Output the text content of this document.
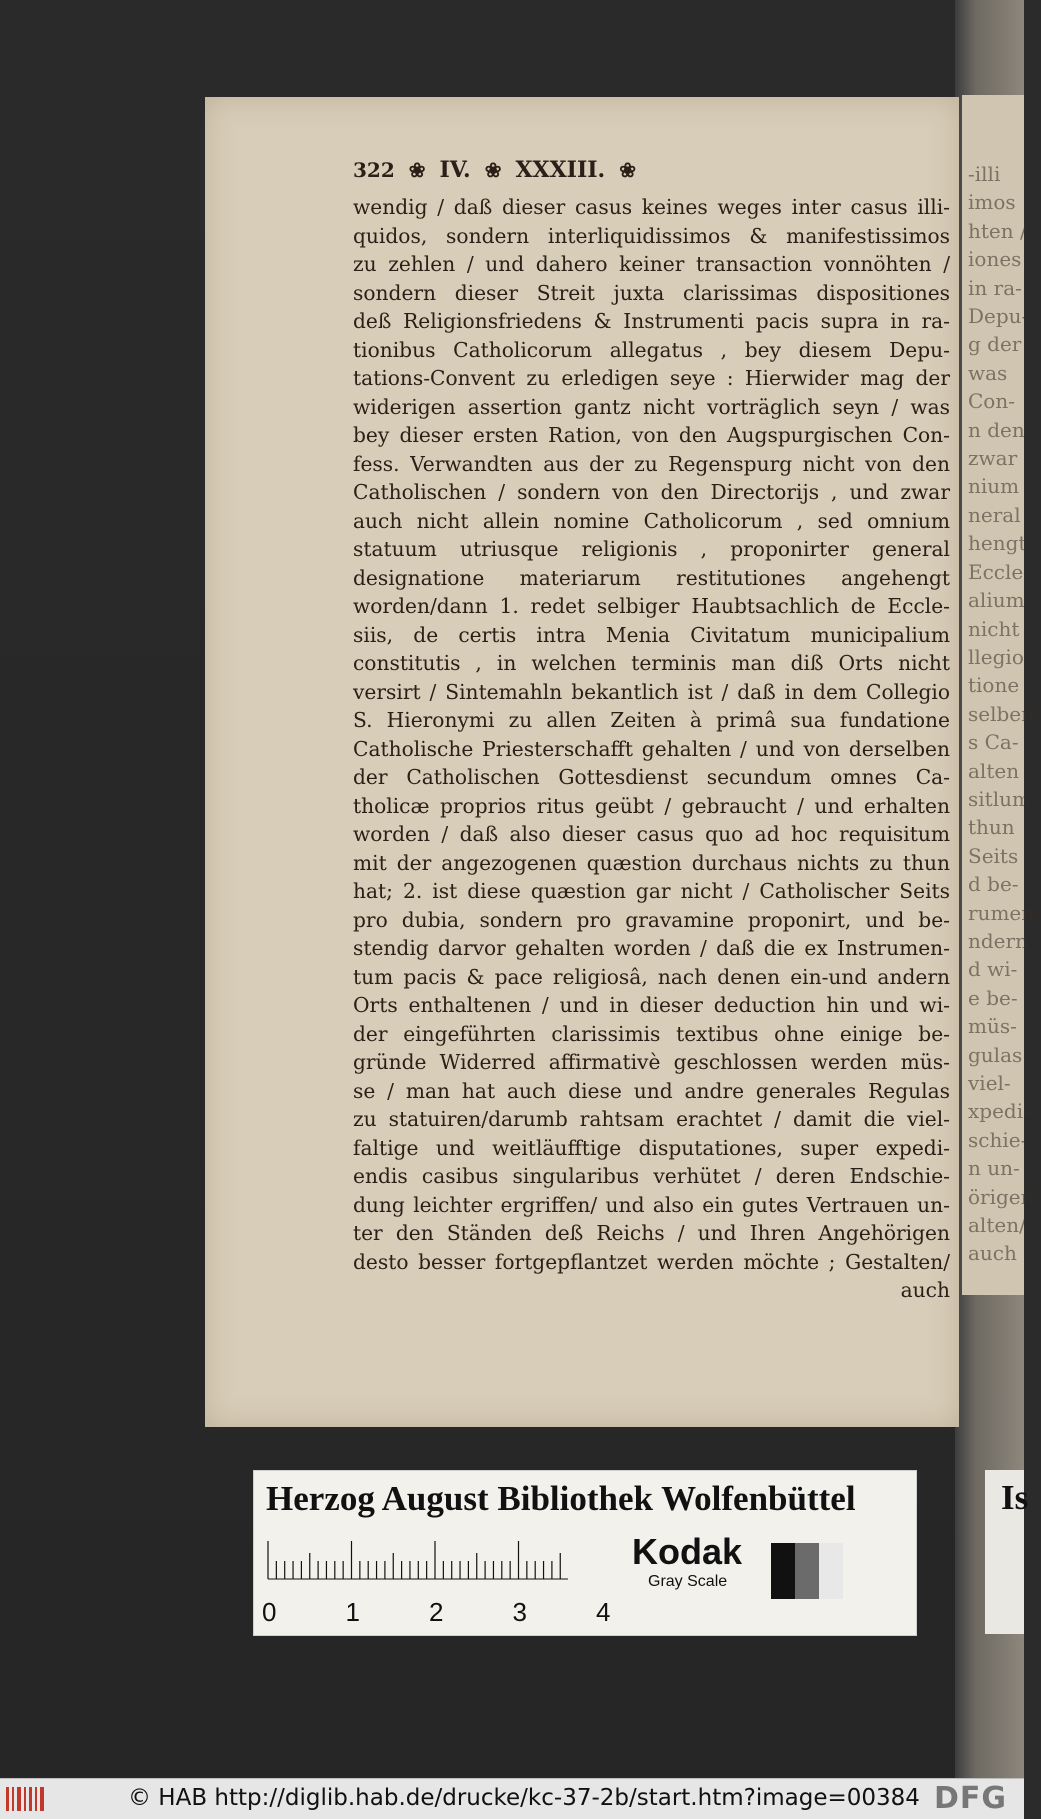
-illi
imos
hten /
iones
in ra-
Depu-
g der
was
Con-
n den
zwar
nium
neral
hengt
Eccle-
alium
nicht
llegio
tione
selben
s Ca-
alten
sitlum
thun
Seits
d be-
rumen-
ndern
d wi-
e be-
müs-
gulas
viel-
xpedi-
schie-
n un-
örigen
alten/
auch
322 ❀ IV. ❀ XXXIII. ❀
wendig / daß dieser casus keines weges inter casus illi-
quidos, sondern interliquidissimos & manifestissimos
zu zehlen / und dahero keiner transaction vonnöhten /
sondern dieser Streit juxta clarissimas dispositiones
deß Religionsfriedens & Instrumenti pacis supra in ra-
tionibus Catholicorum allegatus , bey diesem Depu-
tations-Convent zu erledigen seye : Hierwider mag der
widerigen assertion gantz nicht vorträglich seyn / was
bey dieser ersten Ration, von den Augspurgischen Con-
fess. Verwandten aus der zu Regenspurg nicht von den
Catholischen / sondern von den Directorijs , und zwar
auch nicht allein nomine Catholicorum , sed omnium
statuum utriusque religionis , proponirter general
designatione materiarum restitutiones angehengt
worden/dann 1. redet selbiger Haubtsachlich de Eccle-
siis, de certis intra Menia Civitatum municipalium
constitutis , in welchen terminis man diß Orts nicht
versirt / Sintemahln bekantlich ist / daß in dem Collegio
S. Hieronymi zu allen Zeiten à primâ sua fundatione
Catholische Priesterschafft gehalten / und von derselben
der Catholischen Gottesdienst secundum omnes Ca-
tholicæ proprios ritus geübt / gebraucht / und erhalten
worden / daß also dieser casus quo ad hoc requisitum
mit der angezogenen quæstion durchaus nichts zu thun
hat; 2. ist diese quæstion gar nicht / Catholischer Seits
pro dubia, sondern pro gravamine proponirt, und be-
stendig darvor gehalten worden / daß die ex Instrumen-
tum pacis & pace religiosâ, nach denen ein-und andern
Orts enthaltenen / und in dieser deduction hin und wi-
der eingeführten clarissimis textibus ohne einige be-
gründe Widerred affirmativè geschlossen werden müs-
se / man hat auch diese und andre generales Regulas
zu statuiren/darumb rahtsam erachtet / damit die viel-
faltige und weitläufftige disputationes, super expedi-
endis casibus singularibus verhütet / deren Endschie-
dung leichter ergriffen/ und also ein gutes Vertrauen un-
ter den Ständen deß Reichs / und Ihren Angehörigen
desto besser fortgepflantzet werden möchte ; Gestalten/
auch
Herzog August Bibliothek Wolfenbüttel
0	1	2	3	4
Kodak
Gray Scale
Is
© HAB http://diglib.hab.de/drucke/kc-37-2b/start.htm?image=00384 DFG
